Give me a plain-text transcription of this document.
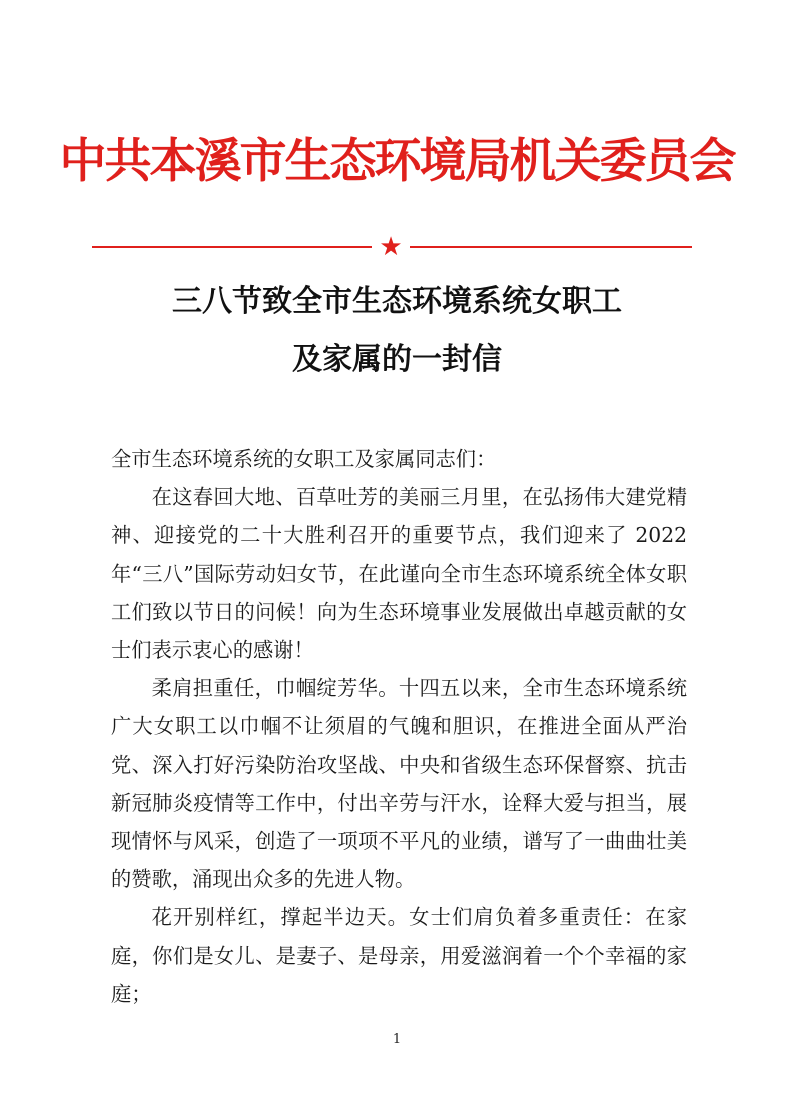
中共本溪市生态环境局机关委员会
★
三八节致全市生态环境系统女职工
及家属的一封信

全市生态环境系统的女职工及家属同志们：

在这春回大地、百草吐芳的美丽三月里，在弘扬伟大建党精神、迎接党的二十大胜利召开的重要节点，我们迎来了 2022 年“三八”国际劳动妇女节，在此谨向全市生态环境系统全体女职工们致以节日的问候！向为生态环境事业发展做出卓越贡献的女士们表示衷心的感谢！

柔肩担重任，巾帼绽芳华。十四五以来，全市生态环境系统广大女职工以巾帼不让须眉的气魄和胆识，在推进全面从严治党、深入打好污染防治攻坚战、中央和省级生态环保督察、抗击新冠肺炎疫情等工作中，付出辛劳与汗水，诠释大爱与担当，展现情怀与风采，创造了一项项不平凡的业绩，谱写了一曲曲壮美的赞歌，涌现出众多的先进人物。

花开别样红，撑起半边天。女士们肩负着多重责任：在家庭，你们是女儿、是妻子、是母亲，用爱滋润着一个个幸福的家庭；

1
